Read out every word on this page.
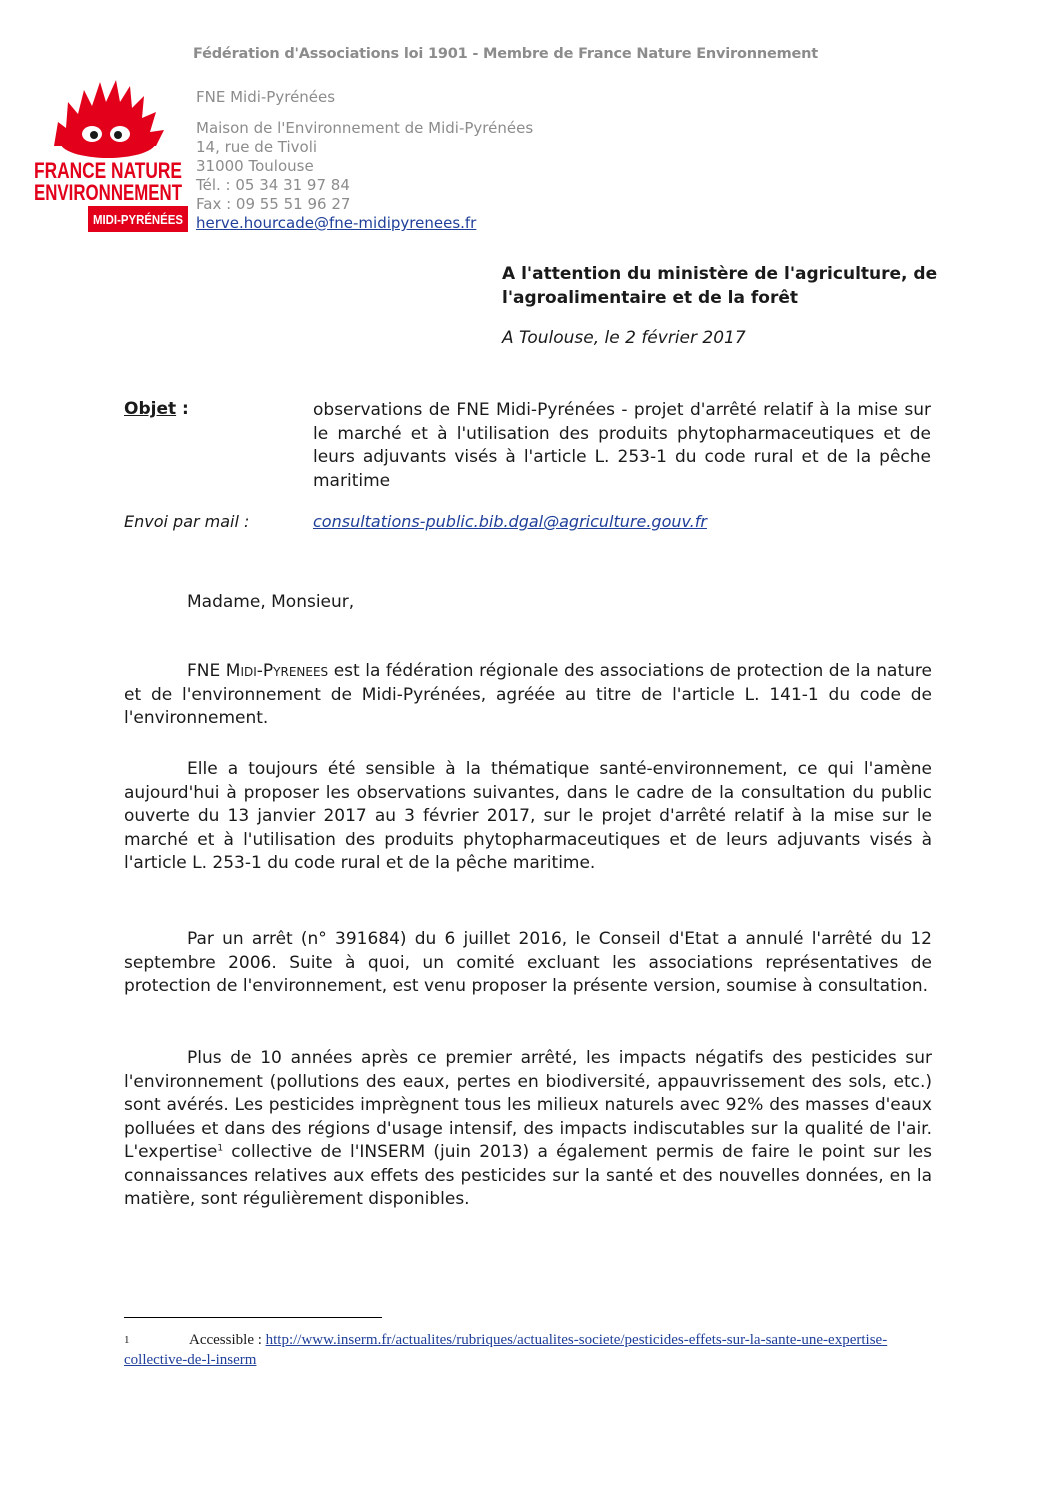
Fédération d'Associations loi 1901 - Membre de France Nature Environnement
FRANCE NATURE
ENVIRONNEMENT
MIDI-PYRÉNÉES
FNE Midi-Pyrénées
Maison de l'Environnement de Midi-Pyrénées
14, rue de Tivoli
31000 Toulouse
Tél. : 05 34 31 97 84
Fax : 09 55 51 96 27
herve.hourcade@fne-midipyrenees.fr
A l'attention du ministère de l'agriculture, de
l'agroalimentaire et de la forêt
A Toulouse, le 2 février 2017
Objet :	observations de FNE Midi-Pyrénées - projet d'arrêté relatif à la mise sur le marché et à l'utilisation des produits phytopharmaceutiques et de leurs adjuvants visés à l'article L. 253-1 du code rural et de la pêche maritime
Envoi par mail :	consultations-public.bib.dgal@agriculture.gouv.fr
Madame, Monsieur,
FNE Midi-Pyrenees est la fédération régionale des associations de protection de la nature et de l'environnement de Midi-Pyrénées, agréée au titre de l'article L. 141-1 du code de l'environnement.
Elle a toujours été sensible à la thématique santé-environnement, ce qui l'amène aujourd'hui à proposer les observations suivantes, dans le cadre de la consultation du public ouverte du 13 janvier 2017 au 3 février 2017, sur le projet d'arrêté relatif à la mise sur le marché et à l'utilisation des produits phytopharmaceutiques et de leurs adjuvants visés à l'article L. 253-1 du code rural et de la pêche maritime.
Par un arrêt (n° 391684) du 6 juillet 2016, le Conseil d'Etat a annulé l'arrêté du 12 septembre 2006. Suite à quoi, un comité excluant les associations représentatives de protection de l'environnement, est venu proposer la présente version, soumise à consultation.
Plus de 10 années après ce premier arrêté, les impacts négatifs des pesticides sur l'environnement (pollutions des eaux, pertes en biodiversité, appauvrissement des sols, etc.) sont avérés. Les pesticides imprègnent tous les milieux naturels avec 92% des masses d'eaux polluées et dans des régions d'usage intensif, des impacts indiscutables sur la qualité de l'air. L'expertise$^1$ collective de l'INSERM (juin 2013) a également permis de faire le point sur les connaissances relatives aux effets des pesticides sur la santé et des nouvelles données, en la matière, sont régulièrement disponibles.
1	Accessible : http://www.inserm.fr/actualites/rubriques/actualites-societe/pesticides-effets-sur-la-sante-une-expertise-collective-de-l-inserm
